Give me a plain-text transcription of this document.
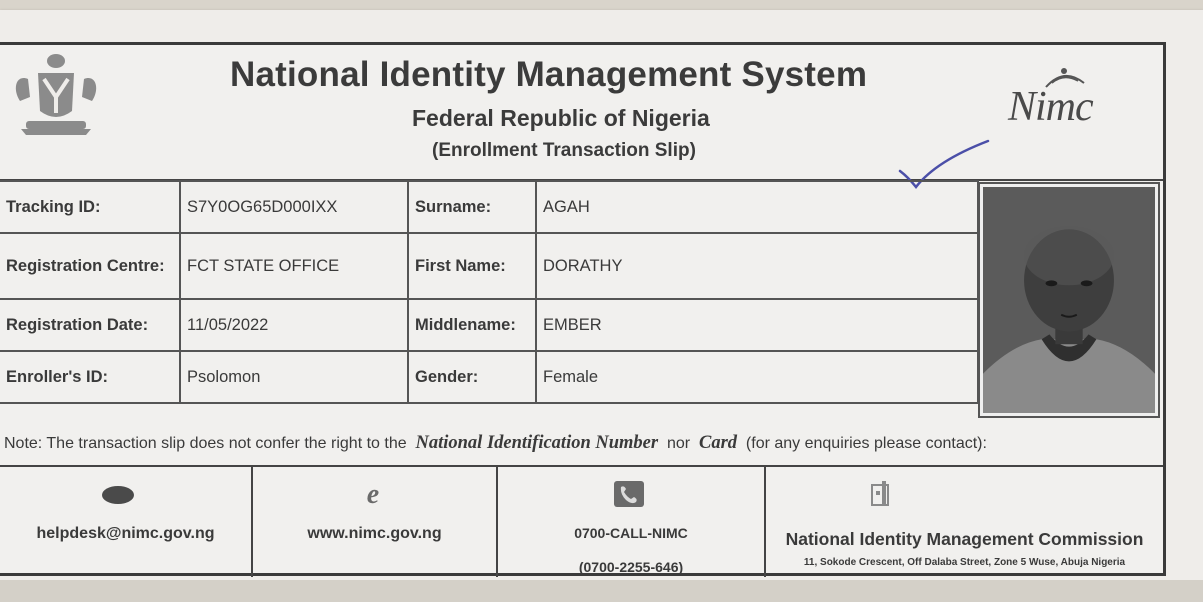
National Identity Management System
Federal Republic of Nigeria
(Enrollment Transaction Slip)
Nimc
Tracking ID:	S7Y0OG65D000IXX	Surname:	AGAH
Registration Centre:	FCT STATE OFFICE	First Name:	DORATHY
Registration Date:	11/05/2022	Middlename:	EMBER
Enroller's ID:	Psolomon	Gender:	Female
Note: The transaction slip does not confer the right to the National Identification Number nor Card (for any enquiries please contact):
helpdesk@nimc.gov.ng
e
www.nimc.gov.ng	0700-CALL-NIMC
(0700-2255-646)
National Identity Management Commission
11, Sokode Crescent, Off Dalaba Street, Zone 5 Wuse, Abuja Nigeria
